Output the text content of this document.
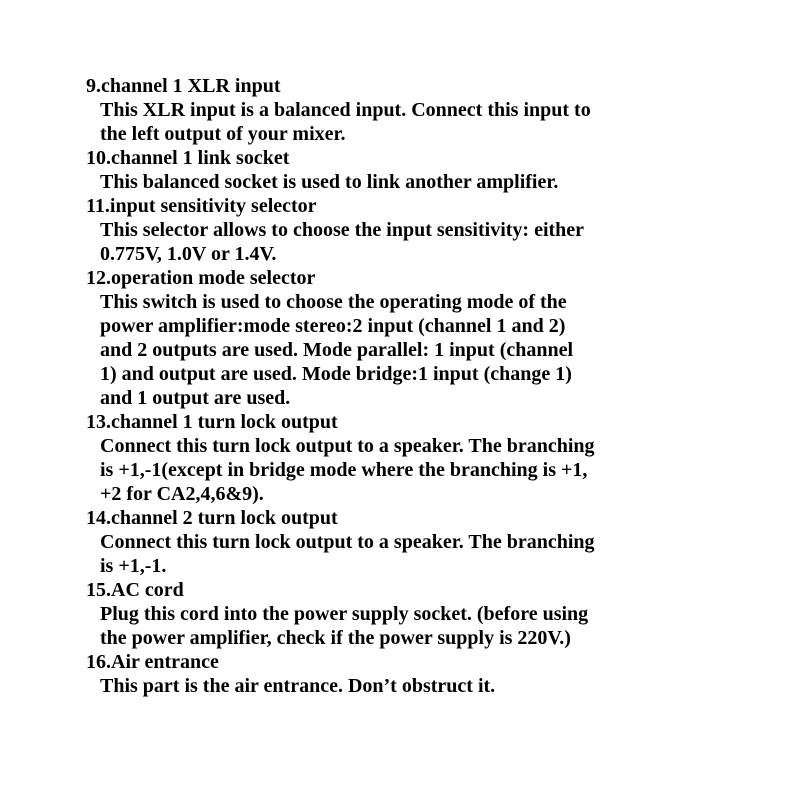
9.channel 1 XLR input
This XLR input is a balanced input. Connect this input to
the left output of your mixer.
10.channel 1 link socket
This balanced socket is used to link another amplifier.
11.input sensitivity selector
This selector allows to choose the input sensitivity: either
0.775V, 1.0V or 1.4V.
12.operation mode selector
This switch is used to choose the operating mode of the
power amplifier:mode stereo:2 input (channel 1 and 2)
and 2 outputs are used. Mode parallel: 1 input (channel
1) and output are used. Mode bridge:1 input (change 1)
and 1 output are used.
13.channel 1 turn lock output
Connect this turn lock output to a speaker. The branching
is +1,-1(except in bridge mode where the branching is +1,
+2 for CA2,4,6&9).
14.channel 2 turn lock output
Connect this turn lock output to a speaker. The branching
is +1,-1.
15.AC cord
Plug this cord into the power supply socket. (before using
the power amplifier, check if the power supply is 220V.)
16.Air entrance
This part is the air entrance. Don’t obstruct it.
